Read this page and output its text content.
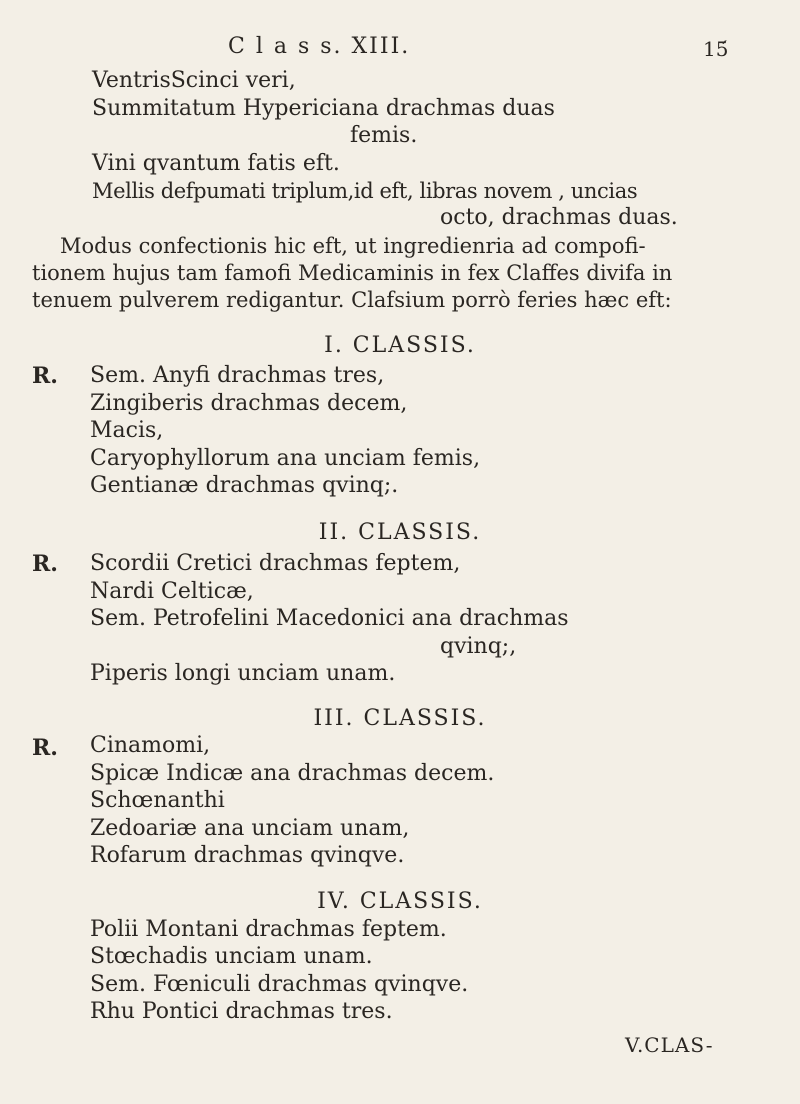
C l a s s. XIII.	15́
VentrisScinci veri,
Summitatum Hypericiana drachmas duas
femis.
Vini qvantum fatis eft.
Mellis defpumati triplum,id eft, libras novem , uncias
octo, drachmas duas.
Modus confectionis hic eft, ut ingredienria ad compofi-
tionem hujus tam famofi Medicaminis in fex Claffes divifa in
tenuem pulverem redigantur. Clafsium porrò feries hæc eft:
I. CLASSIS.
R. Sem. Anyfi drachmas tres,
Zingiberis drachmas decem,
Macis,
Caryophyllorum ana unciam femis,
Gentianæ drachmas qvinq;.
II. CLASSIS.
R. Scordii Cretici drachmas feptem,
Nardi Celticæ,
Sem. Petrofelini Macedonici ana drachmas
qvinq;,
Piperis longi unciam unam.
III. CLASSIS.
R. Cinamomi,
Spicæ Indicæ ana drachmas decem.
Schœnanthi
Zedoariæ ana unciam unam,
Rofarum drachmas qvinqve.
IV. CLASSIS.
Polii Montani drachmas feptem.
Stœchadis unciam unam.
Sem. Fœniculi drachmas qvinqve.
Rhu Pontici drachmas tres.
V.CLAS-
